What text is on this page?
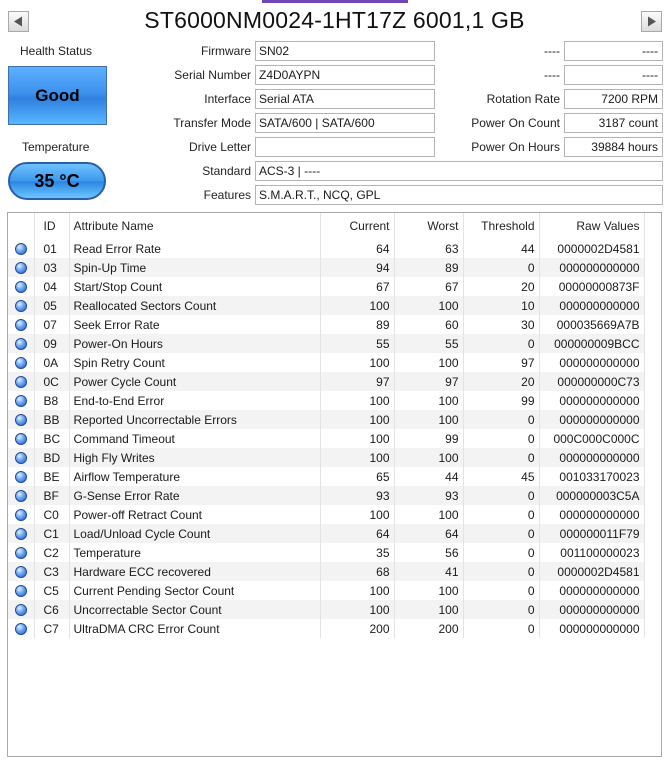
ST6000NM0024-1HT17Z 6001,1 GB
Health Status
Good
Temperature
35 °C
Firmware SN02
Serial Number Z4D0AYPN
Interface Serial ATA
Transfer Mode SATA/600 | SATA/600
Drive Letter
Standard ACS-3 | ----
Features S.M.A.R.T., NCQ, GPL
----	----
----	----
Rotation Rate	7200 RPM
Power On Count	3187 count
Power On Hours	39884 hours
	ID	Attribute Name	Current	Worst	Threshold	Raw Values
	01	Read Error Rate	64	63	44	0000002D4581
	03	Spin-Up Time	94	89	0	000000000000
	04	Start/Stop Count	67	67	20	00000000873F
	05	Reallocated Sectors Count	100	100	10	000000000000
	07	Seek Error Rate	89	60	30	000035669A7B
	09	Power-On Hours	55	55	0	000000009BCC
	0A	Spin Retry Count	100	100	97	000000000000
	0C	Power Cycle Count	97	97	20	000000000C73
	B8	End-to-End Error	100	100	99	000000000000
	BB	Reported Uncorrectable Errors	100	100	0	000000000000
	BC	Command Timeout	100	99	0	000C000C000C
	BD	High Fly Writes	100	100	0	000000000000
	BE	Airflow Temperature	65	44	45	001033170023
	BF	G-Sense Error Rate	93	93	0	000000003C5A
	C0	Power-off Retract Count	100	100	0	000000000000
	C1	Load/Unload Cycle Count	64	64	0	000000011F79
	C2	Temperature	35	56	0	001100000023
	C3	Hardware ECC recovered	68	41	0	0000002D4581
	C5	Current Pending Sector Count	100	100	0	000000000000
	C6	Uncorrectable Sector Count	100	100	0	000000000000
	C7	UltraDMA CRC Error Count	200	200	0	000000000000
